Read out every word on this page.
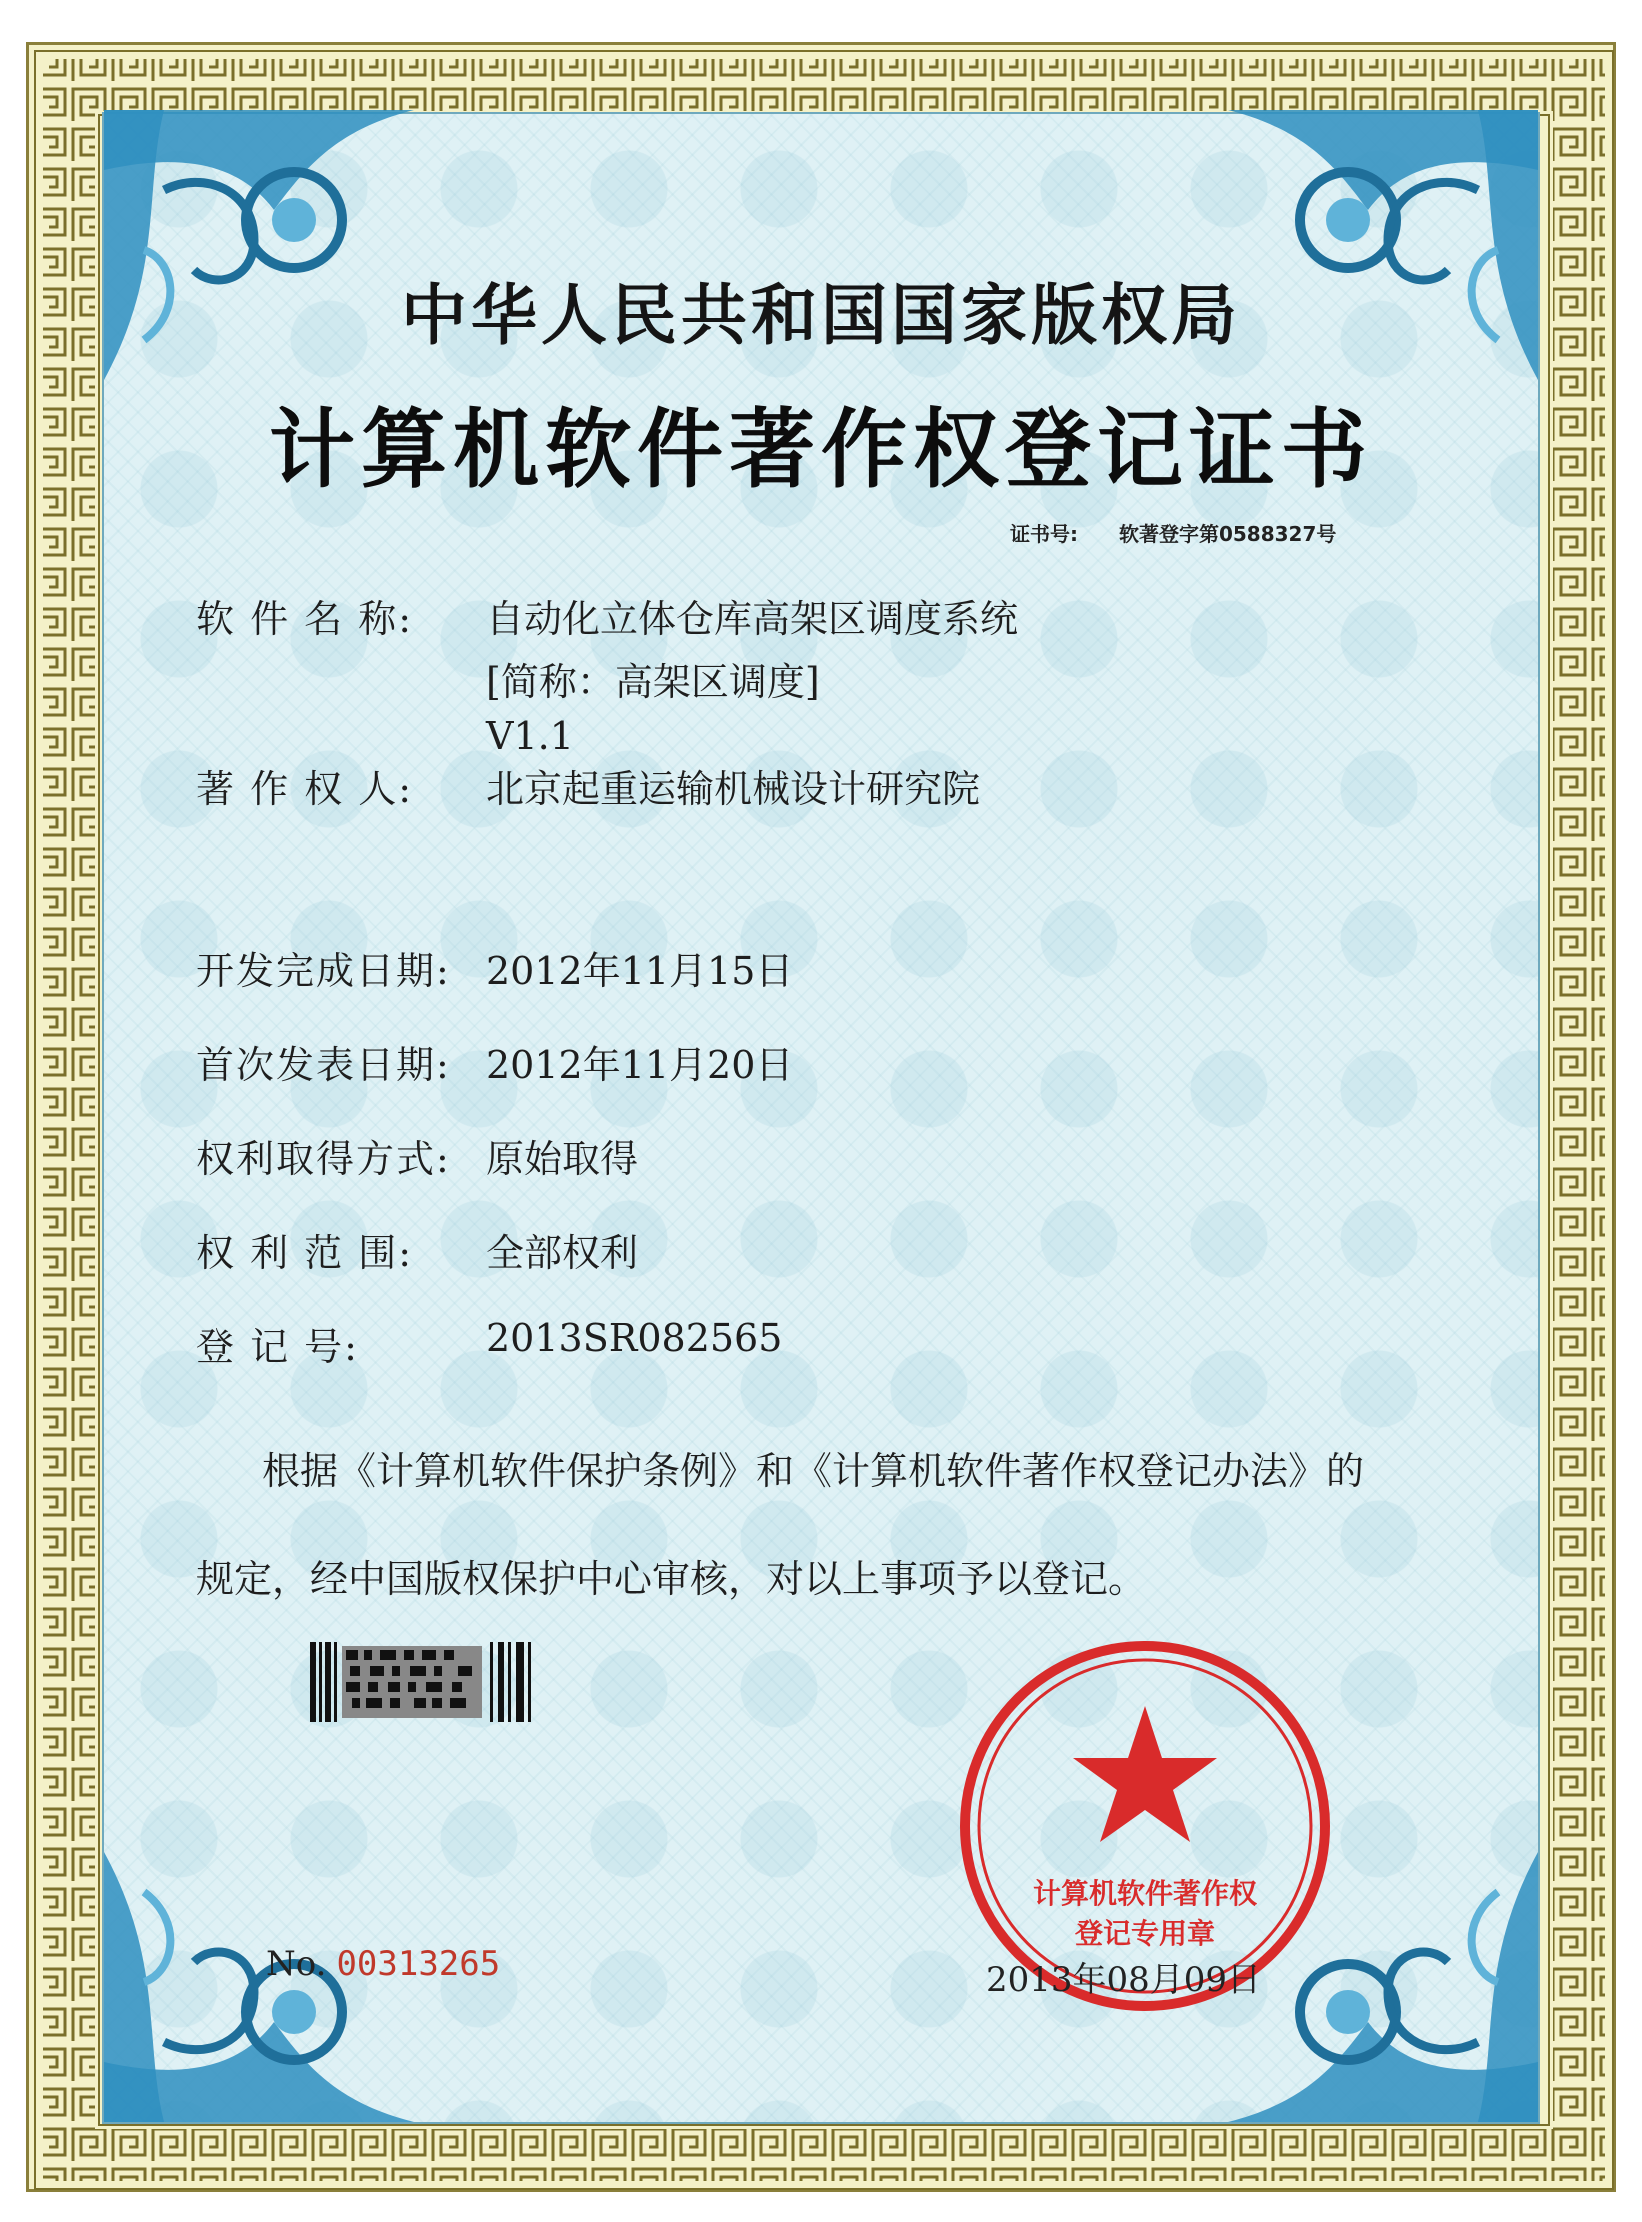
中华人民共和国国家版权局
计算机软件著作权登记证书
证书号: 软著登字第0588327号
软 件 名 称: 自动化立体仓库高架区调度系统
[简称：高架区调度]
V1.1
著 作 权 人: 北京起重运输机械设计研究院
开发完成日期: 2012年11月15日
首次发表日期: 2012年11月20日
权利取得方式: 原始取得
权 利 范 围: 全部权利
登 记 号:	2013SR082565
根据《计算机软件保护条例》和《计算机软件著作权登记办法》的
规定，经中国版权保护中心审核，对以上事项予以登记。
计算机软件著作权
登记专用章
No. 00313265	2013年08月09日
